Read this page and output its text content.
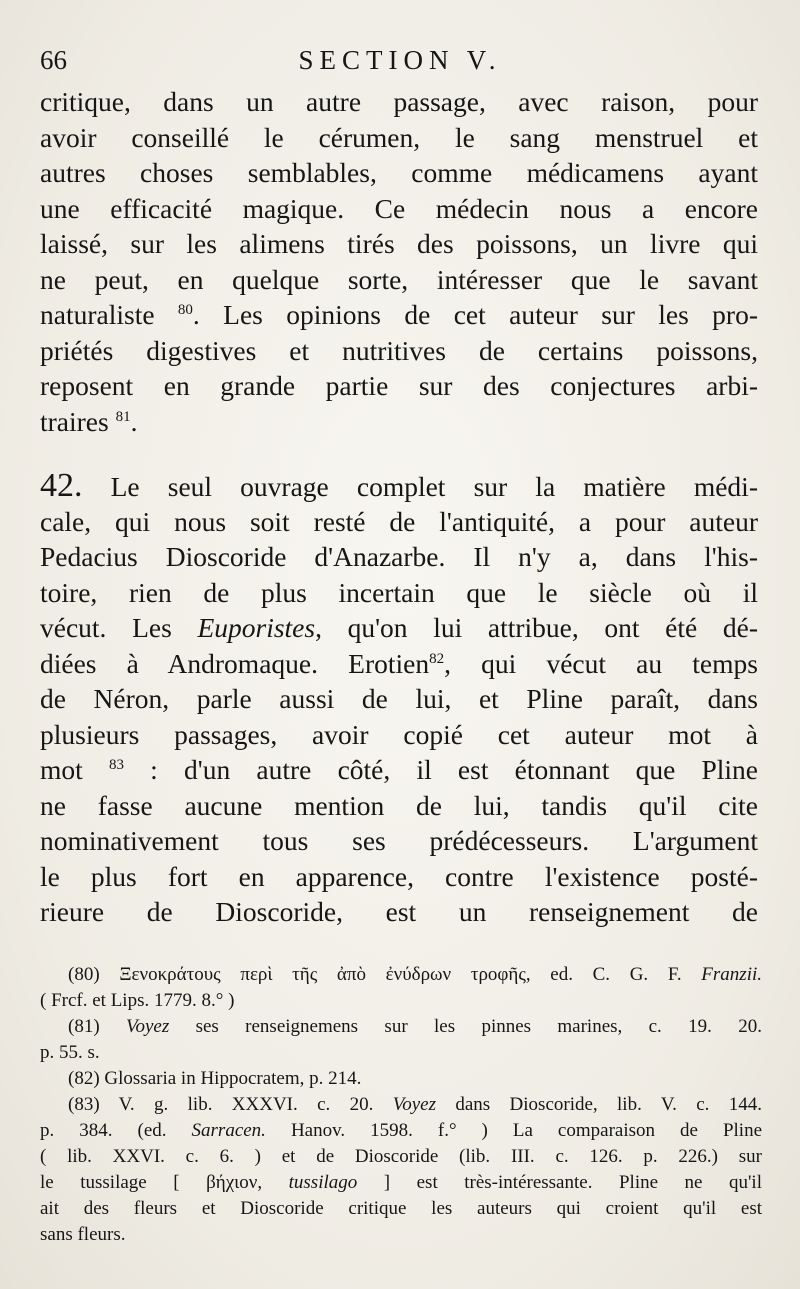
66	SECTION V.
critique, dans un autre passage, avec raison, pour
avoir conseillé le cérumen, le sang menstruel et
autres choses semblables, comme médicamens ayant
une efficacité magique. Ce médecin nous a encore
laissé, sur les alimens tirés des poissons, un livre qui
ne peut, en quelque sorte, intéresser que le savant
naturaliste $^{80}$. Les opinions de cet auteur sur les pro-
priétés digestives et nutritives de certains poissons,
reposent en grande partie sur des conjectures arbi-
traires $^{81}$.
42. Le seul ouvrage complet sur la matière médi-
cale, qui nous soit resté de l'antiquité, a pour auteur
Pedacius Dioscoride d'Anazarbe. Il n'y a, dans l'his-
toire, rien de plus incertain que le siècle où il
vécut. Les Euporistes, qu'on lui attribue, ont été dé-
diées à Andromaque. Erotien$^{82}$, qui vécut au temps
de Néron, parle aussi de lui, et Pline paraît, dans
plusieurs passages, avoir copié cet auteur mot à
mot $^{83}$ : d'un autre côté, il est étonnant que Pline
ne fasse aucune mention de lui, tandis qu'il cite
nominativement tous ses prédécesseurs. L'argument
le plus fort en apparence, contre l'existence posté-
rieure de Dioscoride, est un renseignement de
(80) Ξενοκράτους περὶ τῆς ἀπὸ ἐνύδρων τροφῆς, ed. C. G. F. Franzii.
( Frcf. et Lips. 1779. 8.° )
(81) Voyez ses renseignemens sur les pinnes marines, c. 19. 20.
p. 55. s.
(82) Glossaria in Hippocratem, p. 214.
(83) V. g. lib. XXXVI. c. 20. Voyez dans Dioscoride, lib. V. c. 144.
p. 384. (ed. Sarracen. Hanov. 1598. f.° ) La comparaison de Pline
( lib. XXVI. c. 6. ) et de Dioscoride (lib. III. c. 126. p. 226.) sur
le tussilage [ βήχιον, tussilago ] est très-intéressante. Pline ne qu'il
ait des fleurs et Dioscoride critique les auteurs qui croient qu'il est
sans fleurs.
